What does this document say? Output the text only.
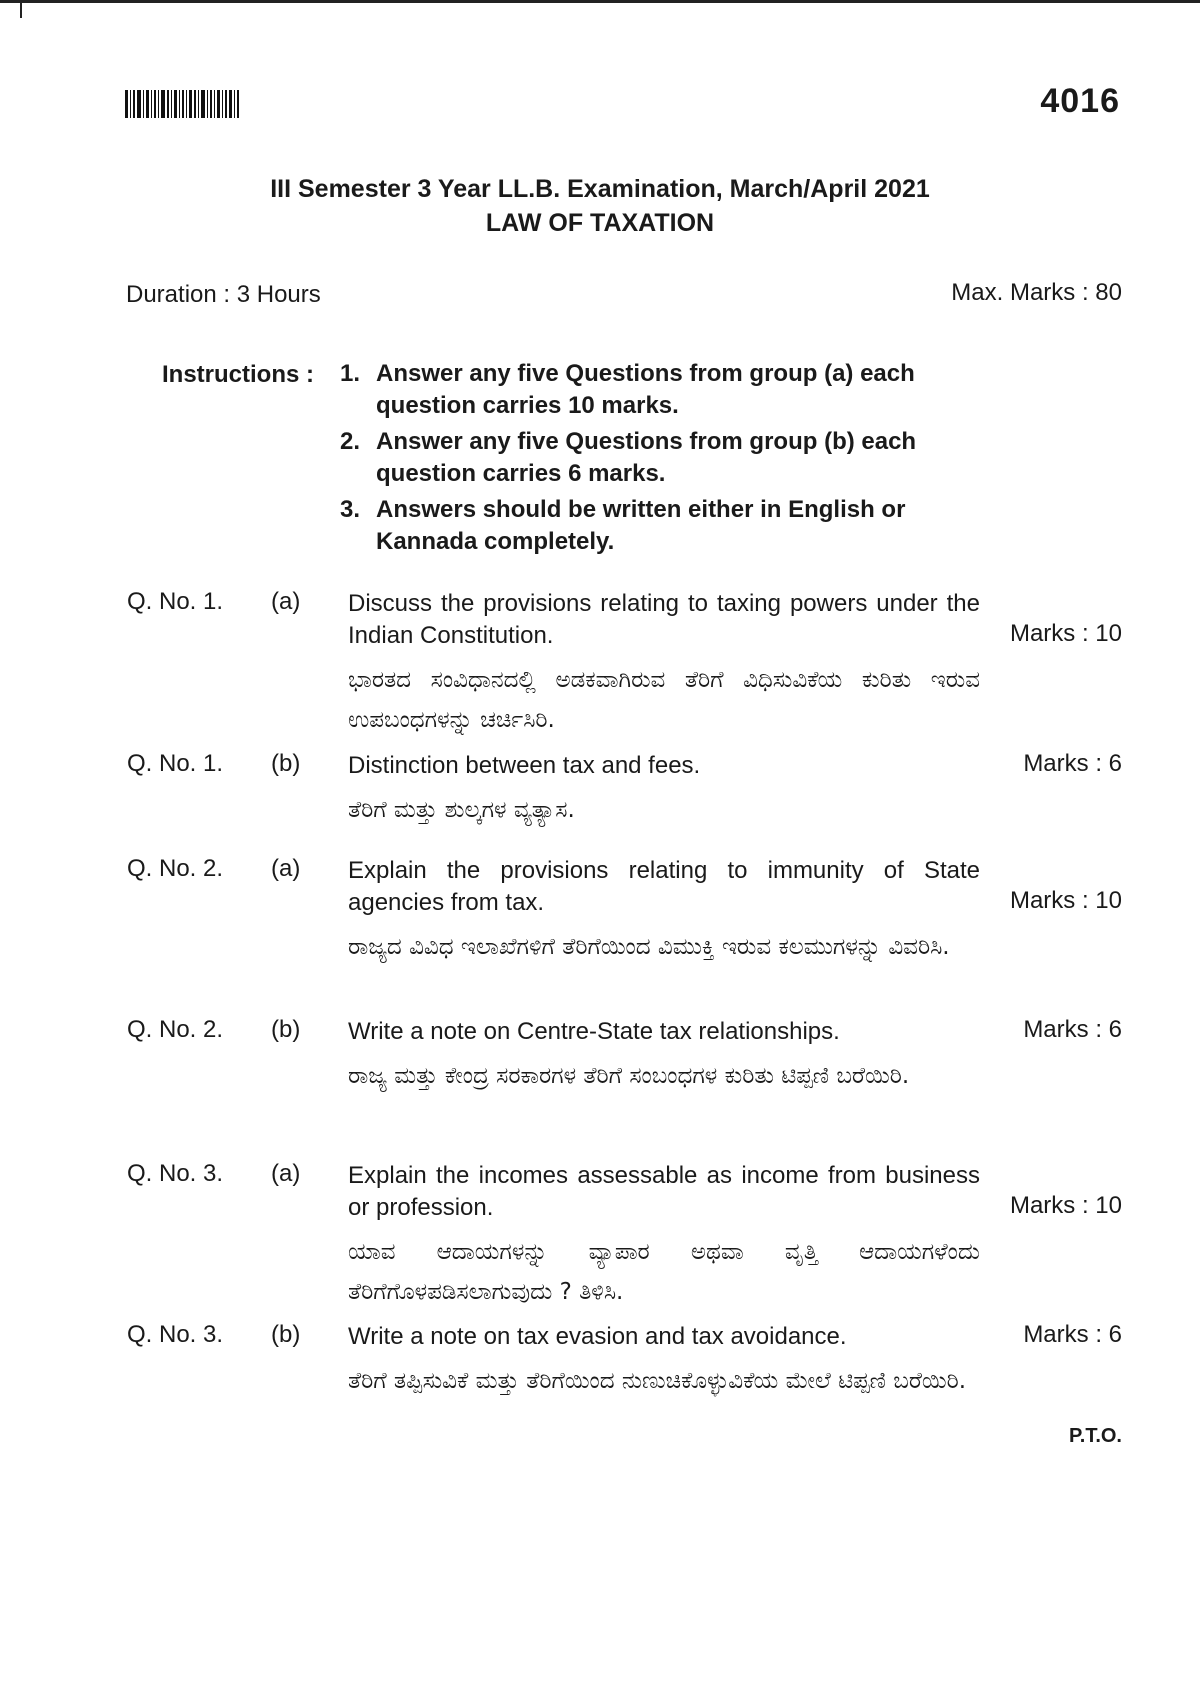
4016
III Semester 3 Year LL.B. Examination, March/April 2021
LAW OF TAXATION
Duration : 3 Hours	Max. Marks : 80
Instructions : 1. Answer any five Questions from group (a) each question carries 10 marks.
2. Answer any five Questions from group (b) each question carries 6 marks.
3. Answers should be written either in English or Kannada completely.
Q. No. 1. (a) Discuss the provisions relating to taxing powers under the Indian Constitution.	Marks : 10
ಭಾರತದ ಸಂವಿಧಾನದಲ್ಲಿ ಅಡಕವಾಗಿರುವ ತೆರಿಗೆ ವಿಧಿಸುವಿಕೆಯ ಕುರಿತು ಇರುವ ಉಪಬಂಧಗಳನ್ನು ಚರ್ಚಿಸಿರಿ.
Q. No. 1. (b) Distinction between tax and fees.	Marks : 6
ತೆರಿಗೆ ಮತ್ತು ಶುಲ್ಕಗಳ ವ್ಯತ್ಯಾಸ.
Q. No. 2. (a) Explain the provisions relating to immunity of State agencies from tax.	Marks : 10
ರಾಜ್ಯದ ವಿವಿಧ ಇಲಾಖೆಗಳಿಗೆ ತೆರಿಗೆಯಿಂದ ವಿಮುಕ್ತಿ ಇರುವ ಕಲಮುಗಳನ್ನು ವಿವರಿಸಿ.
Q. No. 2. (b) Write a note on Centre-State tax relationships.	Marks : 6
ರಾಜ್ಯ ಮತ್ತು ಕೇಂದ್ರ ಸರಕಾರಗಳ ತೆರಿಗೆ ಸಂಬಂಧಗಳ ಕುರಿತು ಟಿಪ್ಪಣಿ ಬರೆಯಿರಿ.
Q. No. 3. (a) Explain the incomes assessable as income from business or profession.	Marks : 10
ಯಾವ ಆದಾಯಗಳನ್ನು ವ್ಯಾಪಾರ ಅಥವಾ ವೃತ್ತಿ ಆದಾಯಗಳೆಂದು ತೆರಿಗೆಗೊಳಪಡಿಸಲಾಗುವುದು ? ತಿಳಿಸಿ.
Q. No. 3. (b) Write a note on tax evasion and tax avoidance.	Marks : 6
ತೆರಿಗೆ ತಪ್ಪಿಸುವಿಕೆ ಮತ್ತು ತೆರಿಗೆಯಿಂದ ನುಣುಚಿಕೊಳ್ಳುವಿಕೆಯ ಮೇಲೆ ಟಿಪ್ಪಣಿ ಬರೆಯಿರಿ.
P.T.O.
